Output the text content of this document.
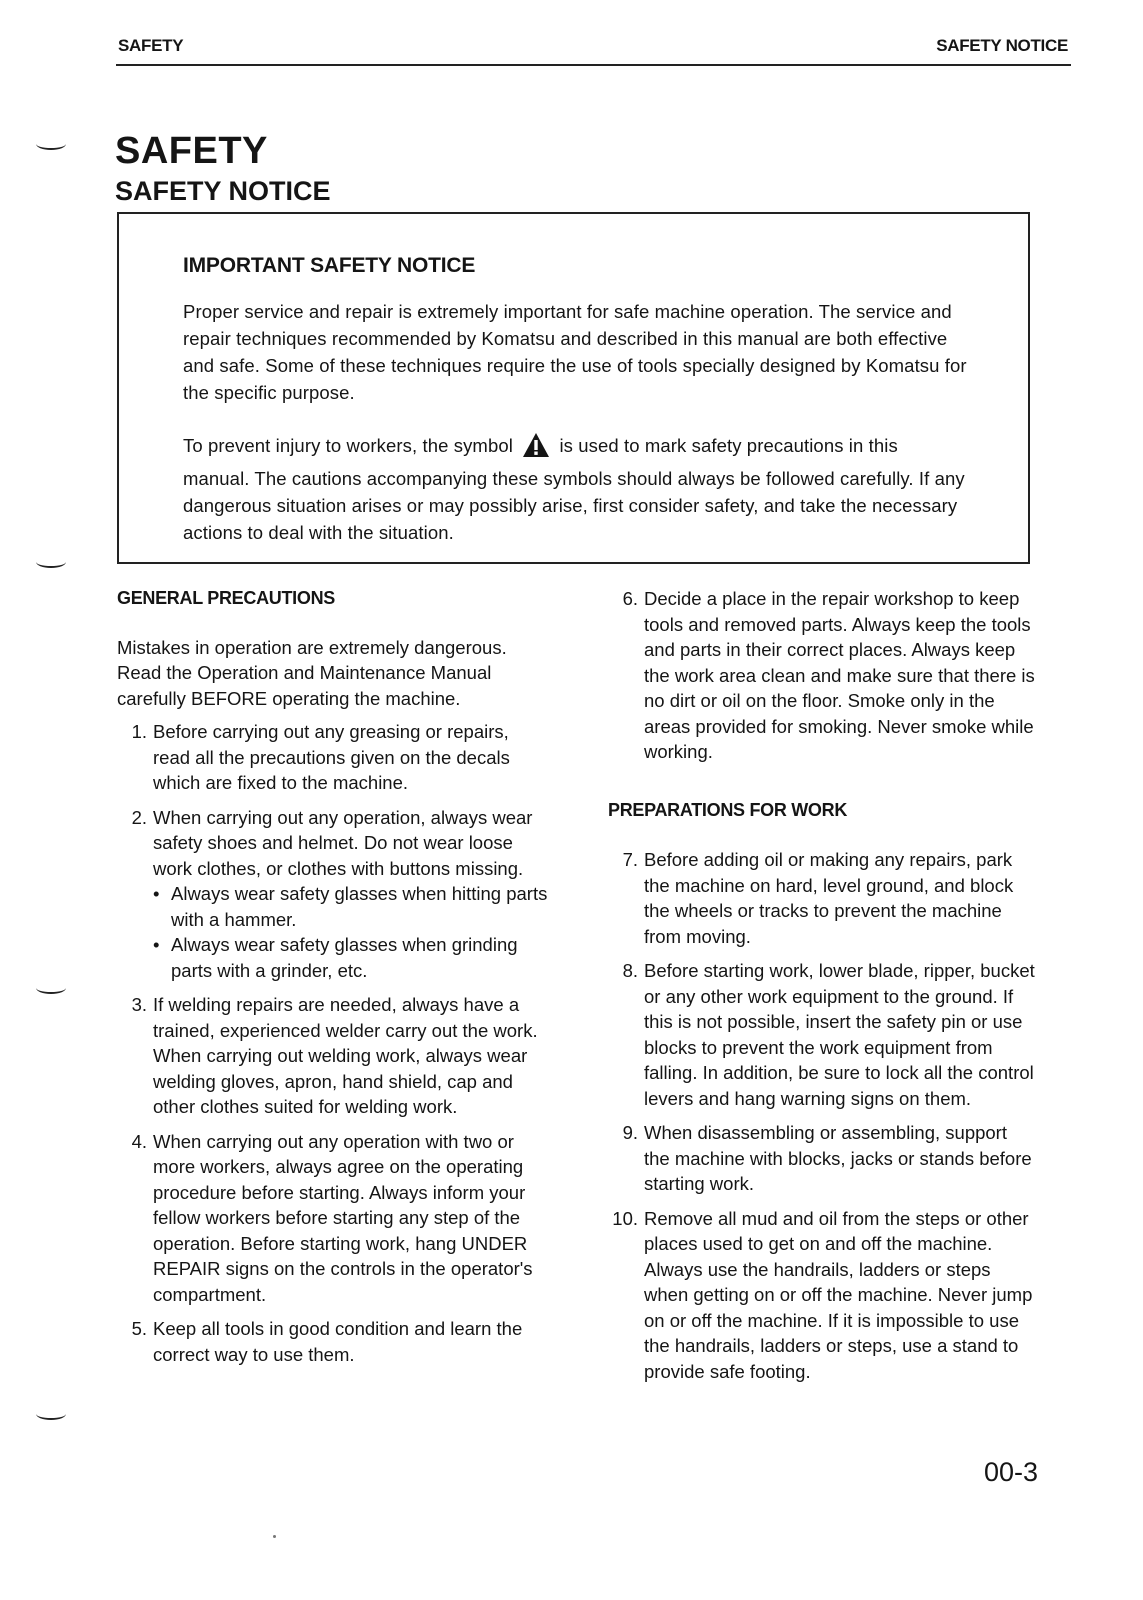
SAFETY	SAFETY NOTICE
SAFETY
SAFETY NOTICE
IMPORTANT SAFETY NOTICE

Proper service and repair is extremely important for safe machine operation. The service and repair techniques recommended by Komatsu and described in this manual are both effective and safe. Some of these techniques require the use of tools specially designed by Komatsu for the specific purpose.

To prevent injury to workers, the symbol	is used to mark safety precautions in this manual. The cautions accompanying these symbols should always be followed carefully. If any dangerous situation arises or may possibly arise, first consider safety, and take the necessary actions to deal with the situation.

GENERAL PRECAUTIONS

Mistakes in operation are extremely dangerous. Read the Operation and Maintenance Manual carefully BEFORE operating the machine.

1. Before carrying out any greasing or repairs, read all the precautions given on the decals which are fixed to the machine.
2. When carrying out any operation, always wear safety shoes and helmet. Do not wear loose work clothes, or clothes with buttons missing.

• Always wear safety glasses when hitting parts with a hammer.

• Always wear safety glasses when grinding parts with a grinder, etc.

3. If welding repairs are needed, always have a trained, experienced welder carry out the work. When carrying out welding work, always wear welding gloves, apron, hand shield, cap and other clothes suited for welding work.
4. When carrying out any operation with two or more workers, always agree on the operating procedure before starting. Always inform your fellow workers before starting any step of the operation. Before starting work, hang UNDER REPAIR signs on the controls in the operator's compartment.
5. Keep all tools in good condition and learn the correct way to use them.
6. Decide a place in the repair workshop to keep tools and removed parts. Always keep the tools and parts in their correct places. Always keep the work area clean and make sure that there is no dirt or oil on the floor. Smoke only in the areas provided for smoking. Never smoke while working.
PREPARATIONS FOR WORK
7. Before adding oil or making any repairs, park the machine on hard, level ground, and block the wheels or tracks to prevent the machine from moving.
8. Before starting work, lower blade, ripper, bucket or any other work equipment to the ground. If this is not possible, insert the safety pin or use blocks to prevent the work equipment from falling. In addition, be sure to lock all the control levers and hang warning signs on them.
9. When disassembling or assembling, support the machine with blocks, jacks or stands before starting work.
10. Remove all mud and oil from the steps or other places used to get on and off the machine. Always use the handrails, ladders or steps when getting on or off the machine. Never jump on or off the machine. If it is impossible to use the handrails, ladders or steps, use a stand to provide safe footing.
00-3
